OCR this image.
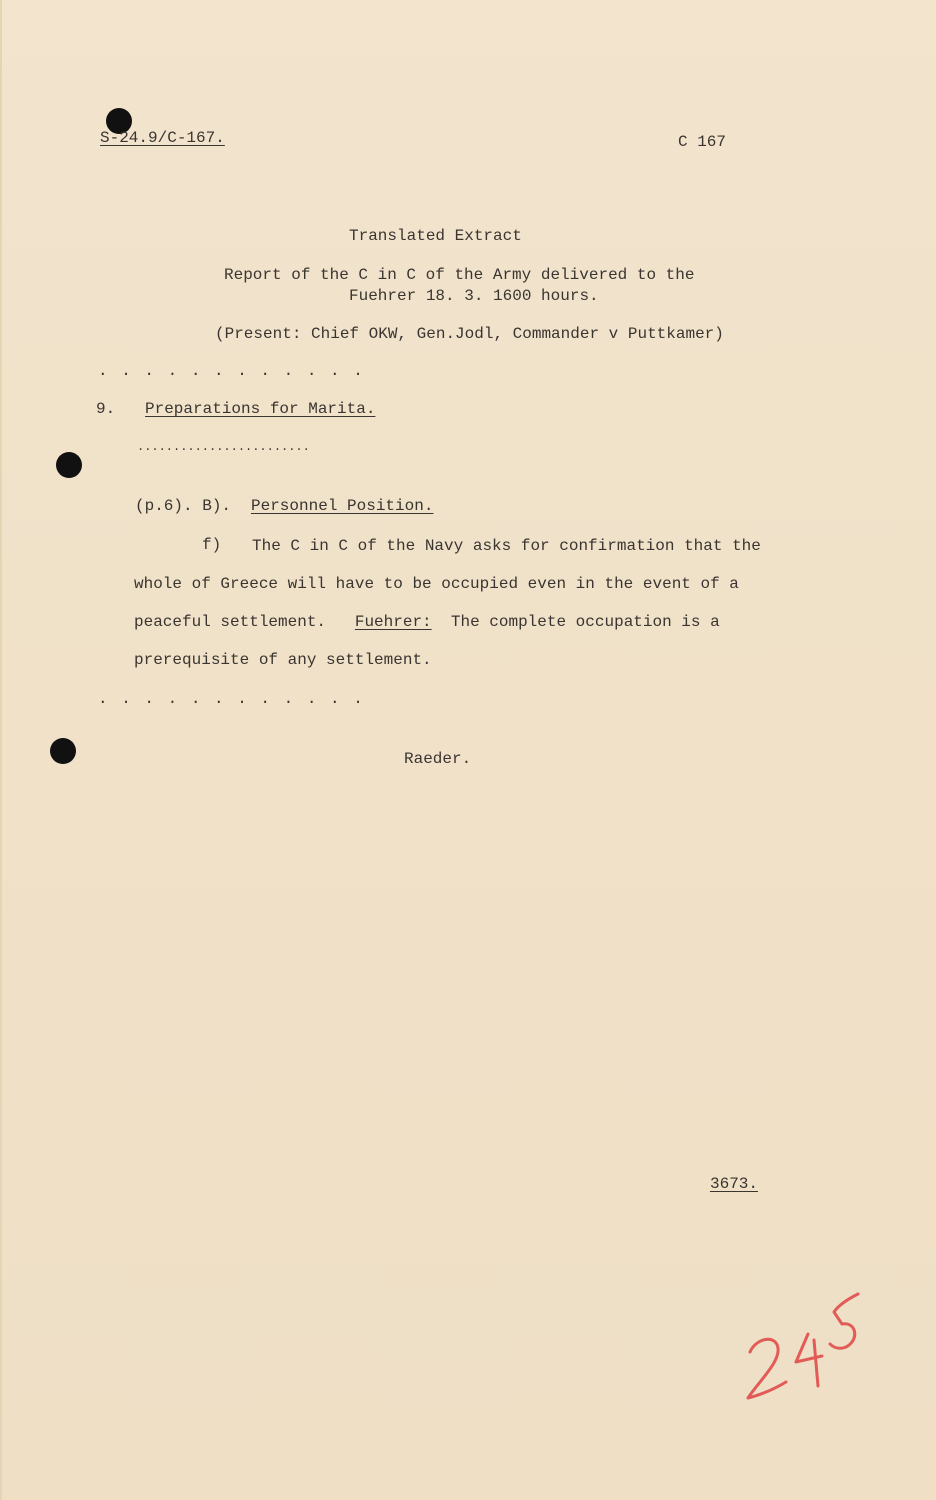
S-24.9/C-167.	C 167
Translated Extract
Report of the C in C of the Army delivered to the
Fuehrer 18. 3. 1600 hours.
(Present: Chief OKW, Gen.Jodl, Commander v Puttkamer)
. . . . . . . . . . . .
9. Preparations for Marita.
........................
(p.6). B). Personnel Position.
f)	The C in C of the Navy asks for confirmation that the

whole of Greece will have to be occupied even in the event of a

peaceful settlement. Fuehrer: The complete occupation is a

prerequisite of any settlement.

. . . . . . . . . . . .
Raeder.
3673.
